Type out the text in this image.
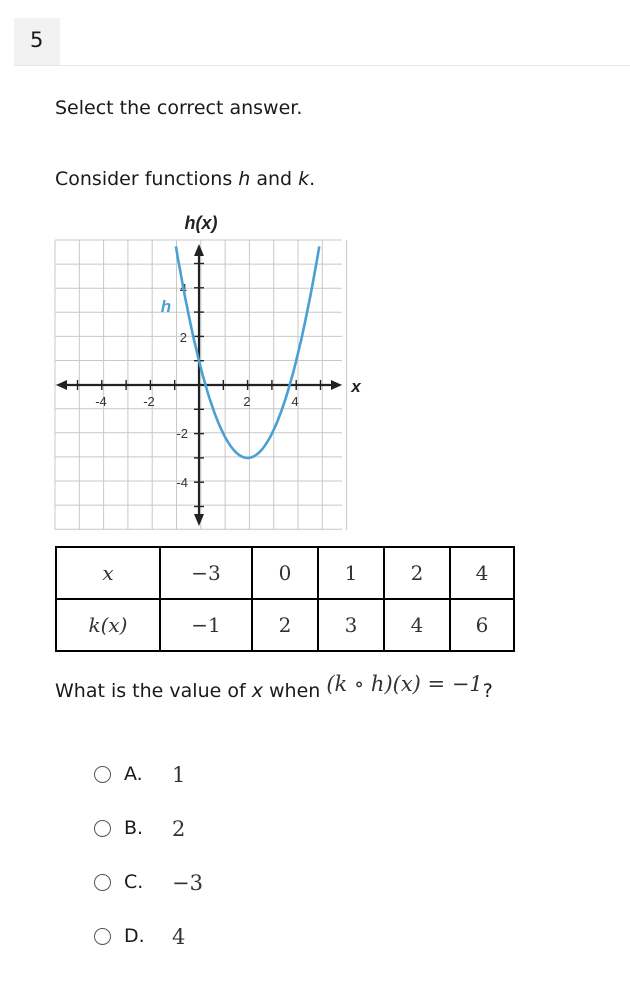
5
Select the correct answer.
Consider functions h and k.
h(x)
x
-4	-2	2	4
4
2
-2
-4
h
x	−3	0	1	2	4
k(x)	−1	2	3	4	6
What is the value of x when (k ∘ h)(x) = −1?
A. 1
B. 2
C. −3
D. 4
